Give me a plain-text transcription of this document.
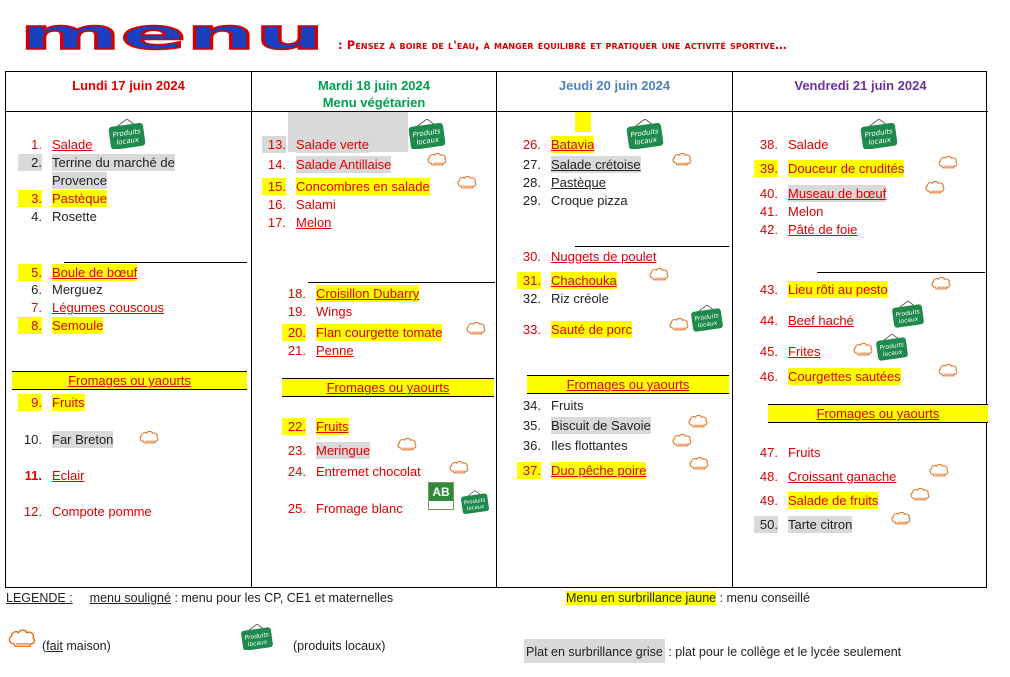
menu : Pensez à boire de l'eau, à manger équilibré et pratiquer une activité sportive…
Lundi 17 juin 2024
1. Salade
2. Terrine du marché de
Provence
3. Pastèque
4. Rosette
5. Boule de bœuf
6. Merguez
7. Légumes couscous
8. Semoule
Fromages ou yaourts
9. Fruits
10. Far Breton
11. Eclair
12. Compote pomme
Mardi 18 juin 2024
Menu végétarien
13. Salade verte
14. Salade Antillaise
15. Concombres en salade
16. Salami
17. Melon
18. Croisillon Dubarry
19. Wings
20. Flan courgette tomate
21. Penne
Fromages ou yaourts
22. Fruits
23. Meringue
24. Entremet chocolat
25. Fromage blanc
AB
Jeudi 20 juin 2024
26. Batavia
27. Salade crétoise
28. Pastèque
29. Croque pizza
30. Nuggets de poulet
31. Chachouka
32. Riz créole
33. Sauté de porc
Fromages ou yaourts
34. Fruits
35. Biscuit de Savoie
36. Iles flottantes
37. Duo pêche poire
Vendredi 21 juin 2024
38. Salade
39. Douceur de crudités
40. Museau de bœuf
41. Melon
42. Pâté de foie
43. Lieu rôti au pesto
44. Beef haché
45. Frites
46. Courgettes sautées
Fromages ou yaourts
47. Fruits
48. Croissant ganache
49. Salade de fruits
50. Tarte citron
LEGENDE : menu souligné : menu pour les CP, CE1 et maternelles	Menu en surbrillance jaune : menu conseillé
(fait maison)	(produits locaux)	Plat en surbrillance grise : plat pour le collège et le lycée seulement
